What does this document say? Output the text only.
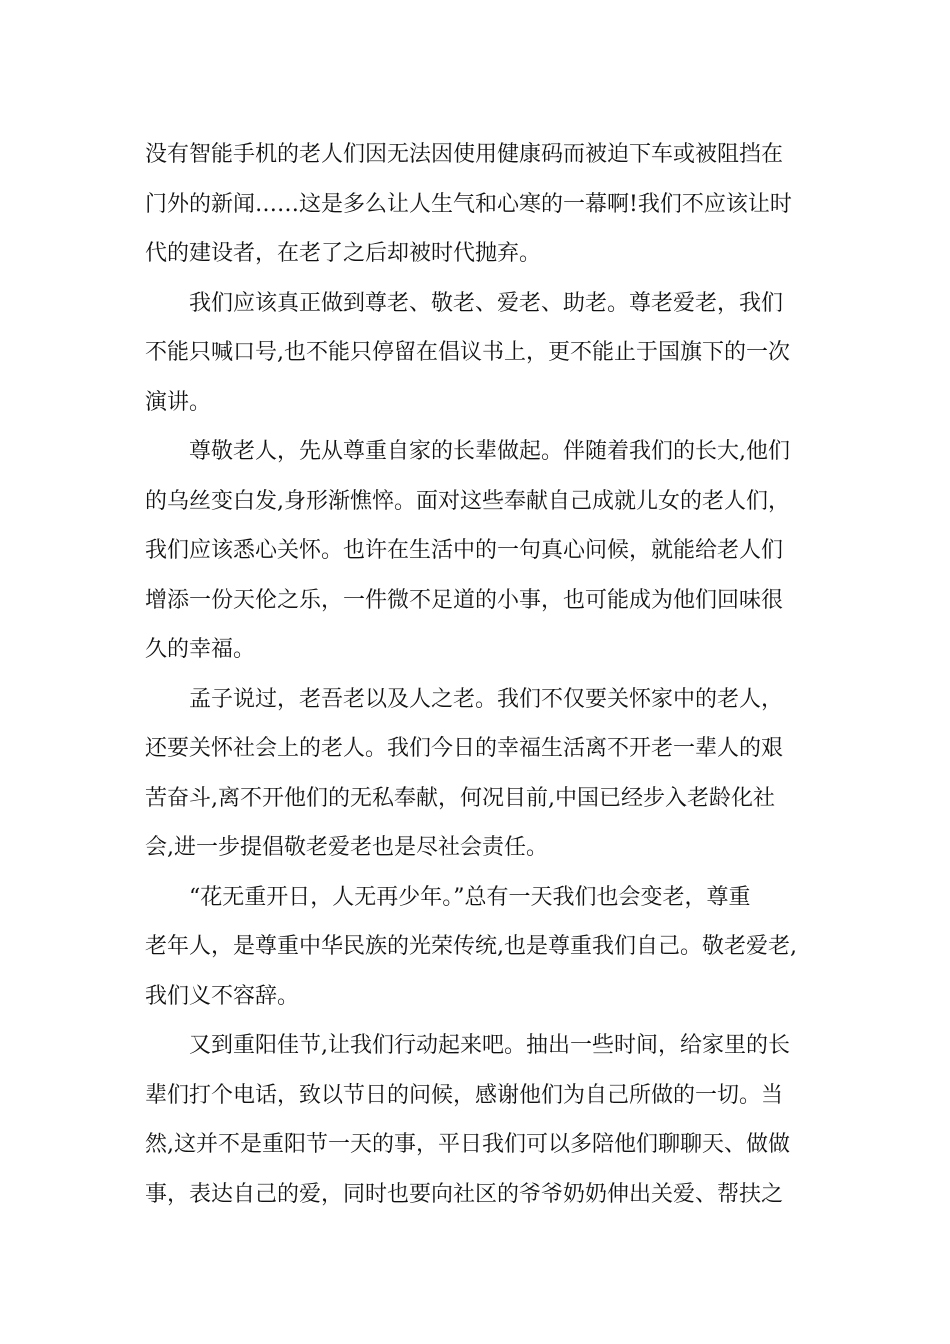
没有智能手机的老人们因无法因使用健康码而被迫下车或被阻挡在
门外的新闻……这是多么让人生气和心寒的一幕啊!我们不应该让时
代的建设者，在老了之后却被时代抛弃。
　　我们应该真正做到尊老、敬老、爱老、助老。尊老爱老，我们
不能只喊口号,也不能只停留在倡议书上，更不能止于国旗下的一次
演讲。
　　尊敬老人，先从尊重自家的长辈做起。伴随着我们的长大,他们
的乌丝变白发,身形渐憔悴。面对这些奉献自己成就儿女的老人们，
我们应该悉心关怀。也许在生活中的一句真心问候，就能给老人们
增添一份天伦之乐，一件微不足道的小事，也可能成为他们回味很
久的幸福。
　　孟子说过，老吾老以及人之老。我们不仅要关怀家中的老人，
还要关怀社会上的老人。我们今日的幸福生活离不开老一辈人的艰
苦奋斗,离不开他们的无私奉献，何况目前,中国已经步入老龄化社
会,进一步提倡敬老爱老也是尽社会责任。
　　“花无重开日，人无再少年。”总有一天我们也会变老，尊重
老年人，是尊重中华民族的光荣传统,也是尊重我们自己。敬老爱老,
我们义不容辞。
　　又到重阳佳节,让我们行动起来吧。抽出一些时间，给家里的长
辈们打个电话，致以节日的问候，感谢他们为自己所做的一切。当
然,这并不是重阳节一天的事，平日我们可以多陪他们聊聊天、做做
事，表达自己的爱，同时也要向社区的爷爷奶奶伸出关爱、帮扶之
